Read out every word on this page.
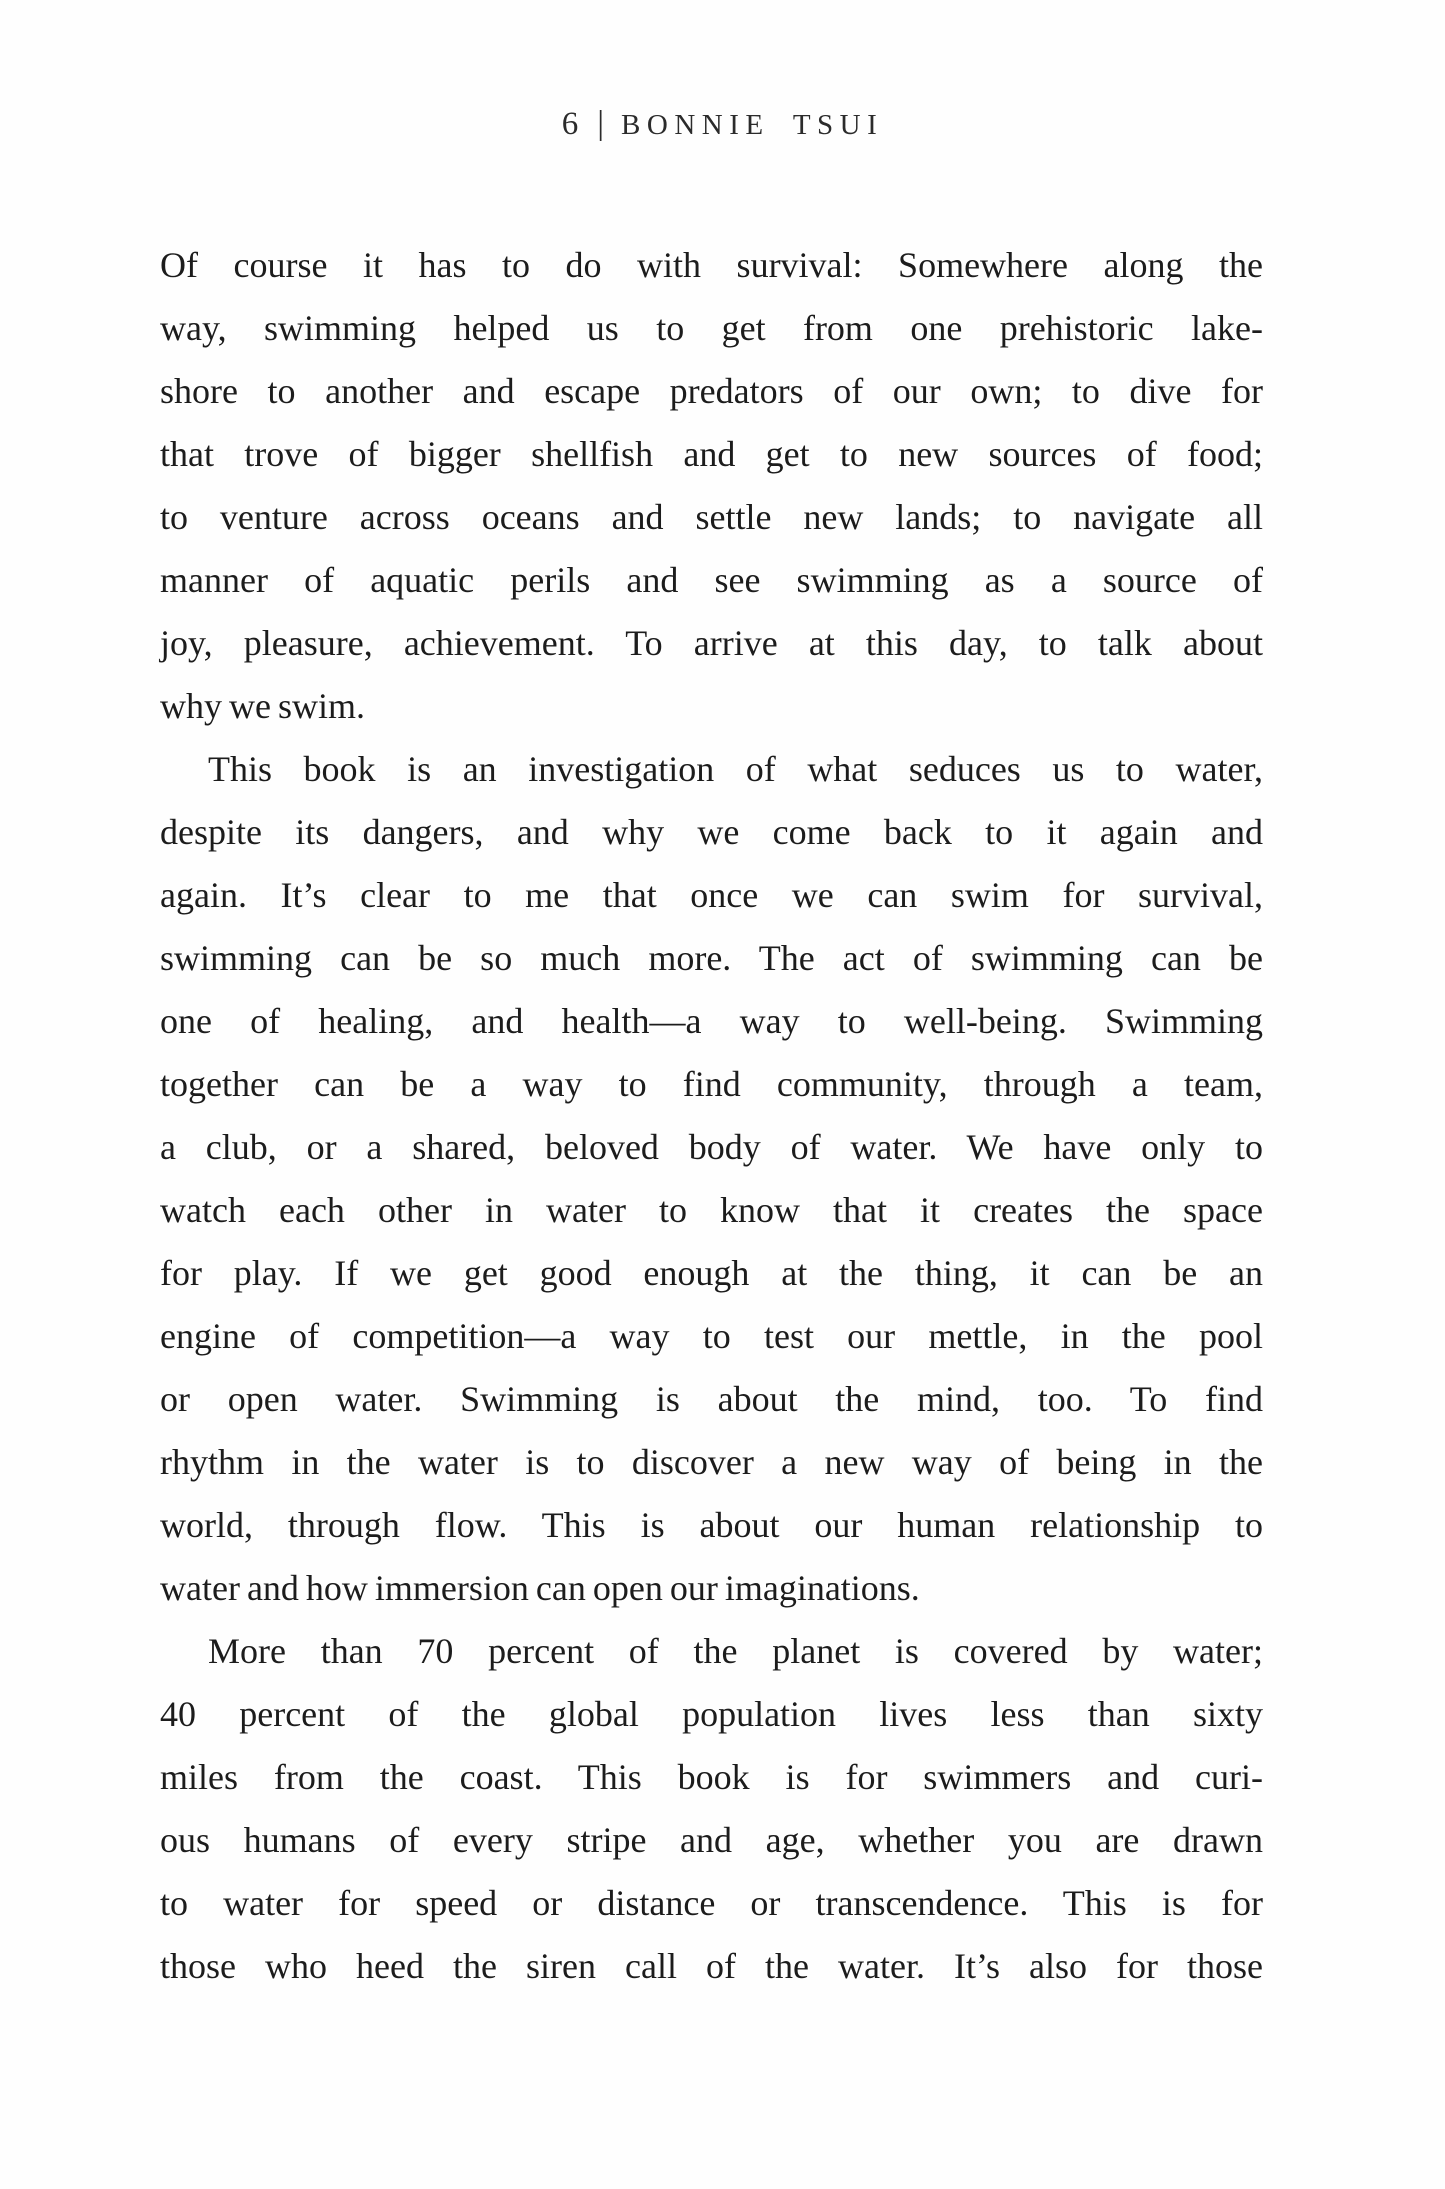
6 | BONNIE TSUI
Of course it has to do with survival: Somewhere along the
way, swimming helped us to get from one prehistoric lake-
shore to another and escape predators of our own; to dive for
that trove of bigger shellfish and get to new sources of food;
to venture across oceans and settle new lands; to navigate all
manner of aquatic perils and see swimming as a source of
joy, pleasure, achievement. To arrive at this day, to talk about
why we swim.
This book is an investigation of what seduces us to water,
despite its dangers, and why we come back to it again and
again. It’s clear to me that once we can swim for survival,
swimming can be so much more. The act of swimming can be
one of healing, and health—a way to well-being. Swimming
together can be a way to find community, through a team,
a club, or a shared, beloved body of water. We have only to
watch each other in water to know that it creates the space
for play. If we get good enough at the thing, it can be an
engine of competition—a way to test our mettle, in the pool
or open water. Swimming is about the mind, too. To find
rhythm in the water is to discover a new way of being in the
world, through flow. This is about our human relationship to
water and how immersion can open our imaginations.
More than 70 percent of the planet is covered by water;
40 percent of the global population lives less than sixty
miles from the coast. This book is for swimmers and curi-
ous humans of every stripe and age, whether you are drawn
to water for speed or distance or transcendence. This is for
those who heed the siren call of the water. It’s also for those
